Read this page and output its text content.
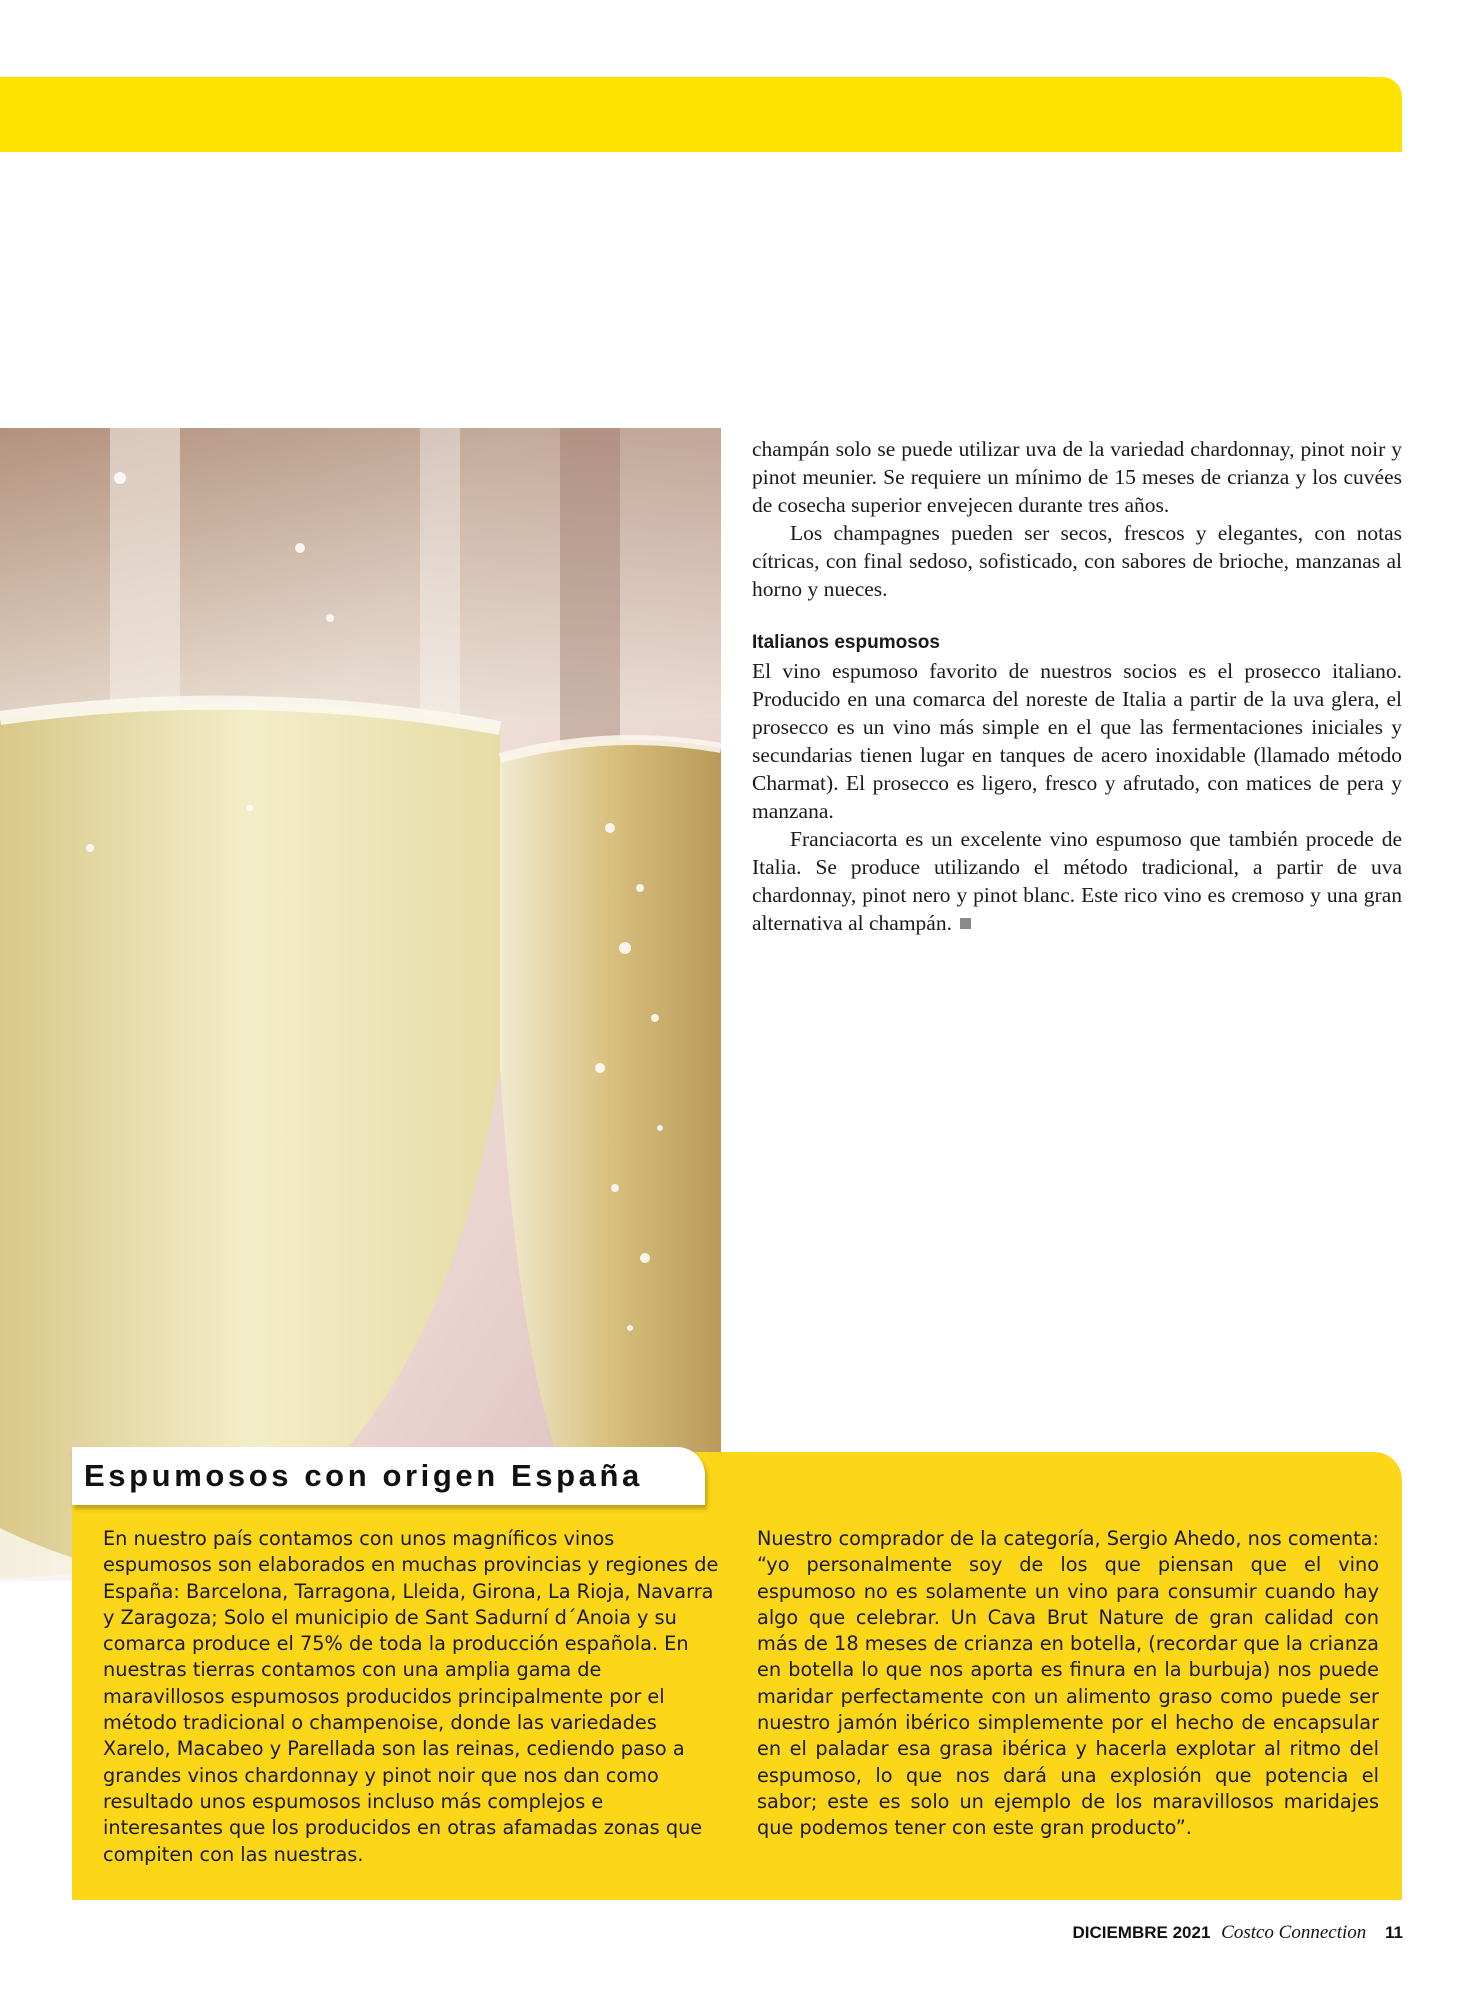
champán solo se puede utilizar uva de la variedad chardonnay, pinot noir y pinot meunier. Se requiere un mínimo de 15 meses de crianza y los cuvées de cosecha superior envejecen durante tres años.

Los champagnes pueden ser secos, frescos y elegantes, con notas cítricas, con final sedoso, sofisticado, con sabores de brioche, manzanas al horno y nueces.

Italianos espumosos

El vino espumoso favorito de nuestros socios es el prosecco italiano. Producido en una comarca del noreste de Italia a partir de la uva glera, el prosecco es un vino más simple en el que las fermentaciones iniciales y secundarias tienen lugar en tanques de acero inoxidable (llamado método Charmat). El prosecco es ligero, fresco y afrutado, con matices de pera y manzana.

Franciacorta es un excelente vino espumoso que también procede de Italia. Se produce utilizando el método tradicional, a partir de uva chardonnay, pinot nero y pinot blanc. Este rico vino es cremoso y una gran alternativa al champán.

Espumosos con origen España

En nuestro país contamos con unos magníficos vinos espumosos son elaborados en muchas provincias y regiones de España: Barcelona, Tarragona, Lleida, Girona, La Rioja, Navarra y Zaragoza; Solo el municipio de Sant Sadurní d´Anoia y su comarca produce el 75% de toda la producción española. En nuestras tierras contamos con una amplia gama de maravillosos espumosos producidos principalmente por el método tradicional o champenoise, donde las variedades Xarelo, Macabeo y Parellada son las reinas, cediendo paso a grandes vinos chardonnay y pinot noir que nos dan como resultado unos espumosos incluso más complejos e interesantes que los producidos en otras afamadas zonas que compiten con las nuestras.

Nuestro comprador de la categoría, Sergio Ahedo, nos comenta: “yo personalmente soy de los que piensan que el vino espumoso no es solamente un vino para consumir cuando hay algo que celebrar. Un Cava Brut Nature de gran calidad con más de 18 meses de crianza en botella, (recordar que la crianza en botella lo que nos aporta es finura en la burbuja) nos puede maridar perfectamente con un alimento graso como puede ser nuestro jamón ibérico simplemente por el hecho de encapsular en el paladar esa grasa ibérica y hacerla explotar al ritmo del espumoso, lo que nos dará una explosión que potencia el sabor; este es solo un ejemplo de los maravillosos maridajes que podemos tener con este gran producto”.

DICIEMBRE 2021 Costco Connection 11
